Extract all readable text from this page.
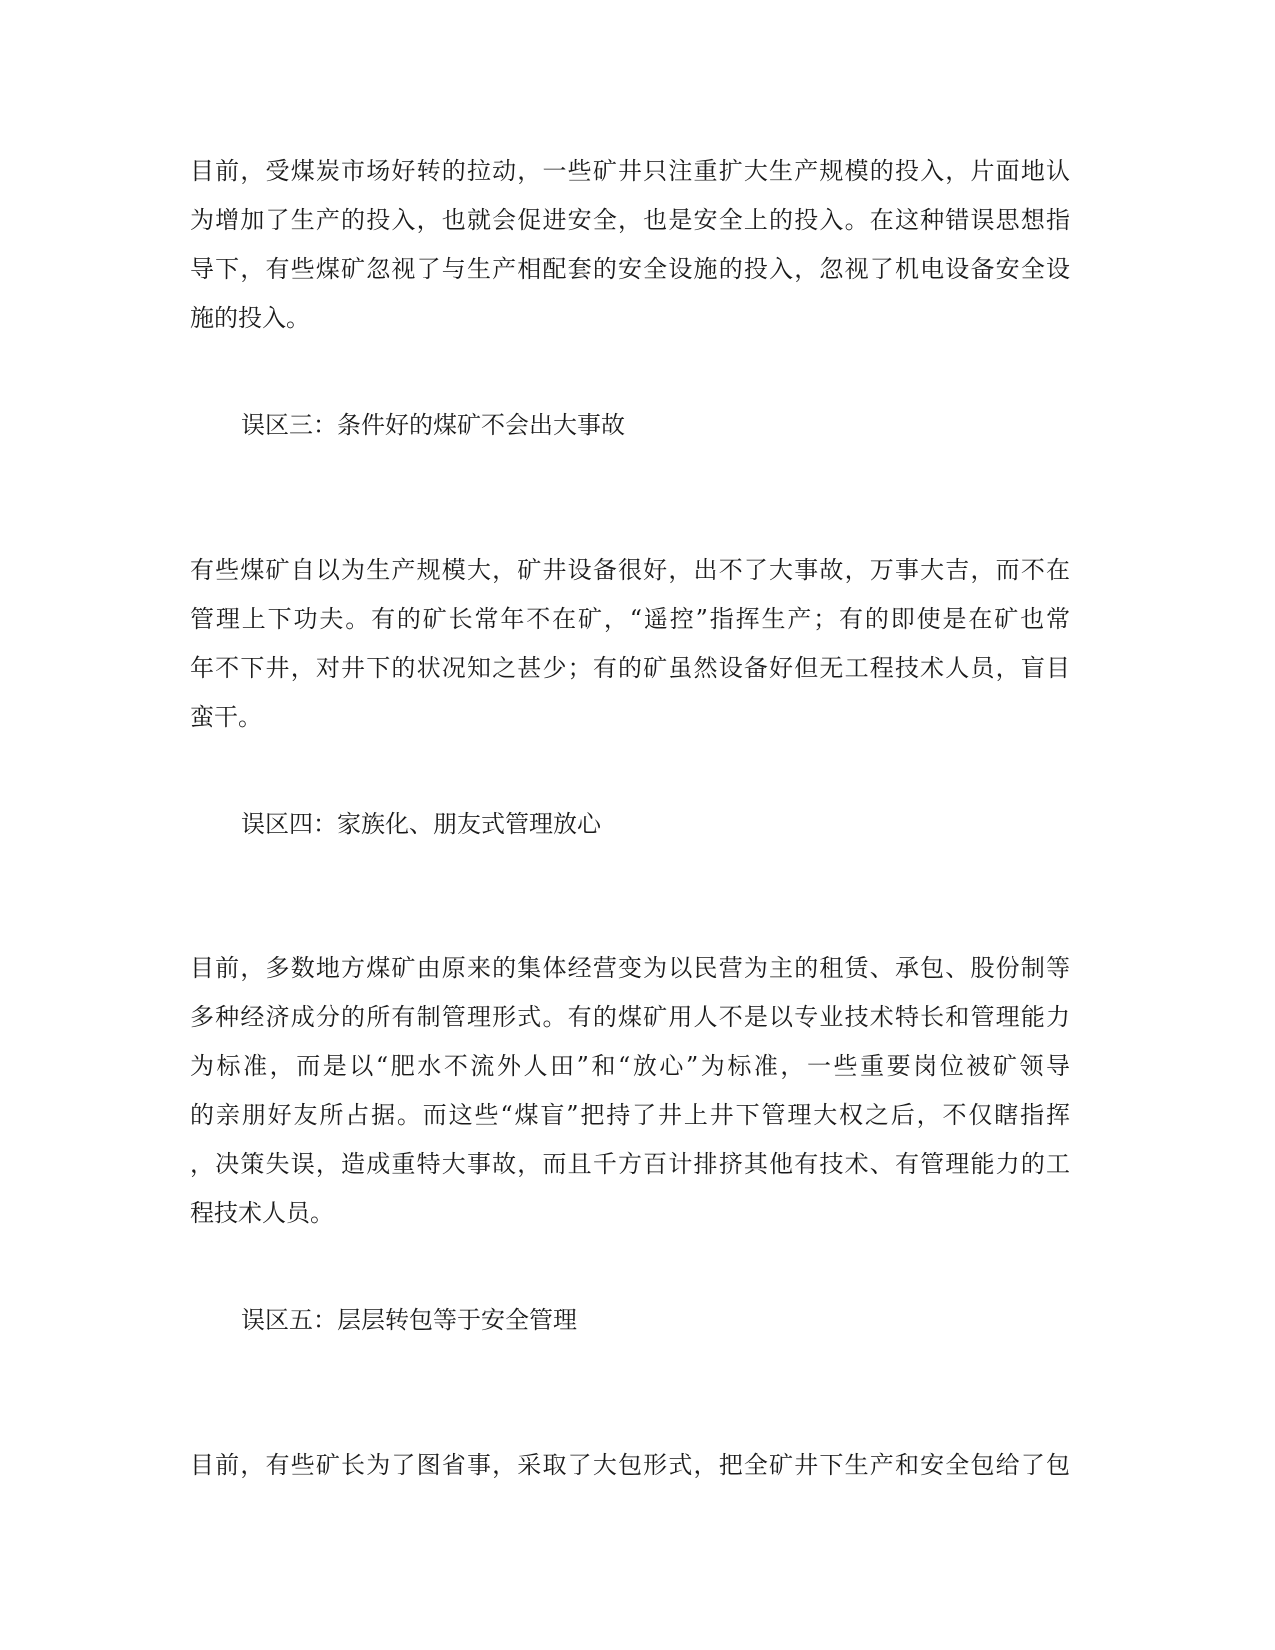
目前，受煤炭市场好转的拉动，一些矿井只注重扩大生产规模的投入，片面地认
为增加了生产的投入，也就会促进安全，也是安全上的投入。在这种错误思想指
导下，有些煤矿忽视了与生产相配套的安全设施的投入，忽视了机电设备安全设
施的投入。
误区三：条件好的煤矿不会出大事故
有些煤矿自以为生产规模大，矿井设备很好，出不了大事故，万事大吉，而不在
管理上下功夫。有的矿长常年不在矿，“遥控”指挥生产；有的即使是在矿也常
年不下井，对井下的状况知之甚少；有的矿虽然设备好但无工程技术人员，盲目
蛮干。
误区四：家族化、朋友式管理放心
目前，多数地方煤矿由原来的集体经营变为以民营为主的租赁、承包、股份制等
多种经济成分的所有制管理形式。有的煤矿用人不是以专业技术特长和管理能力
为标准，而是以“肥水不流外人田”和“放心”为标准，一些重要岗位被矿领导
的亲朋好友所占据。而这些“煤盲”把持了井上井下管理大权之后，不仅瞎指挥
，决策失误，造成重特大事故，而且千方百计排挤其他有技术、有管理能力的工
程技术人员。
误区五：层层转包等于安全管理
目前，有些矿长为了图省事，采取了大包形式，把全矿井下生产和安全包给了包
